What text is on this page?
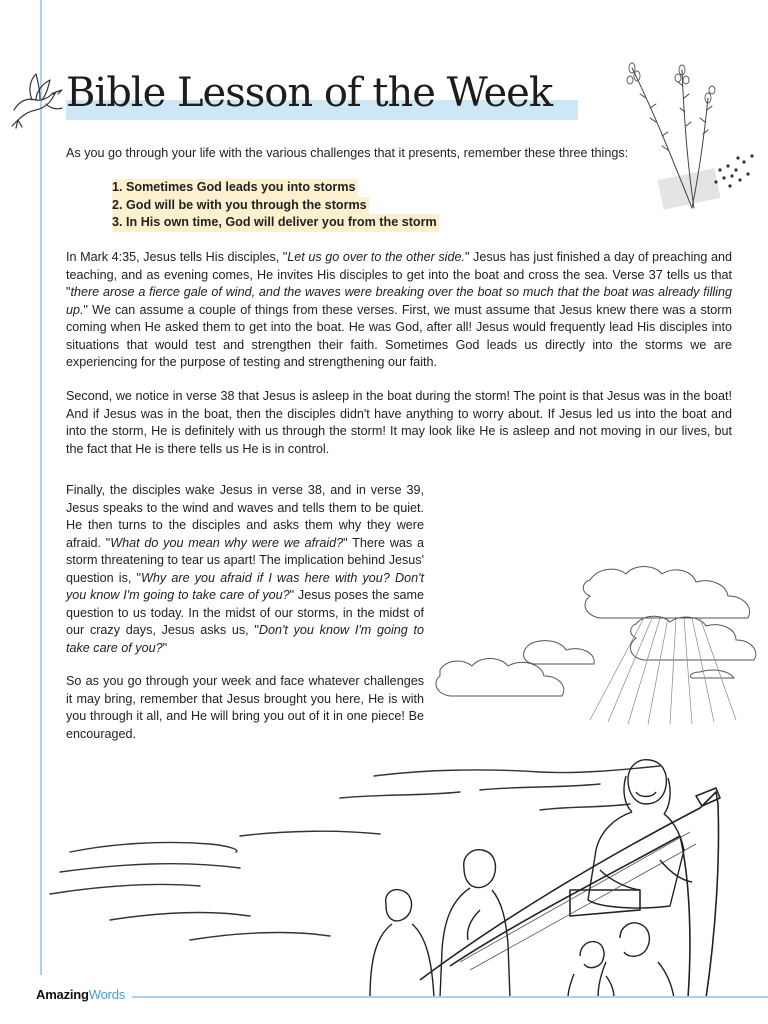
Bible Lesson of the Week
As you go through your life with the various challenges that it presents, remember these three things:
1. Sometimes God leads you into storms
2. God will be with you through the storms
3. In His own time, God will deliver you from the storm
In Mark 4:35, Jesus tells His disciples, "Let us go over to the other side." Jesus has just finished a day of preaching and teaching, and as evening comes, He invites His disciples to get into the boat and cross the sea. Verse 37 tells us that "there arose a fierce gale of wind, and the waves were breaking over the boat so much that the boat was already filling up." We can assume a couple of things from these verses. First, we must assume that Jesus knew there was a storm coming when He asked them to get into the boat. He was God, after all! Jesus would frequently lead His disciples into situations that would test and strengthen their faith. Sometimes God leads us directly into the storms we are experiencing for the purpose of testing and strengthening our faith.
Second, we notice in verse 38 that Jesus is asleep in the boat during the storm! The point is that Jesus was in the boat! And if Jesus was in the boat, then the disciples didn't have anything to worry about. If Jesus led us into the boat and into the storm, He is definitely with us through the storm! It may look like He is asleep and not moving in our lives, but the fact that He is there tells us He is in control.
Finally, the disciples wake Jesus in verse 38, and in verse 39, Jesus speaks to the wind and waves and tells them to be quiet. He then turns to the disciples and asks them why they were afraid. "What do you mean why were we afraid?" There was a storm threatening to tear us apart! The implication behind Jesus' question is, "Why are you afraid if I was here with you? Don't you know I'm going to take care of you?" Jesus poses the same question to us today. In the midst of our storms, in the midst of our crazy days, Jesus asks us, "Don't you know I'm going to take care of you?"
So as you go through your week and face whatever challenges it may bring, remember that Jesus brought you here, He is with you through it all, and He will bring you out of it in one piece! Be encouraged.
AmazingWords
